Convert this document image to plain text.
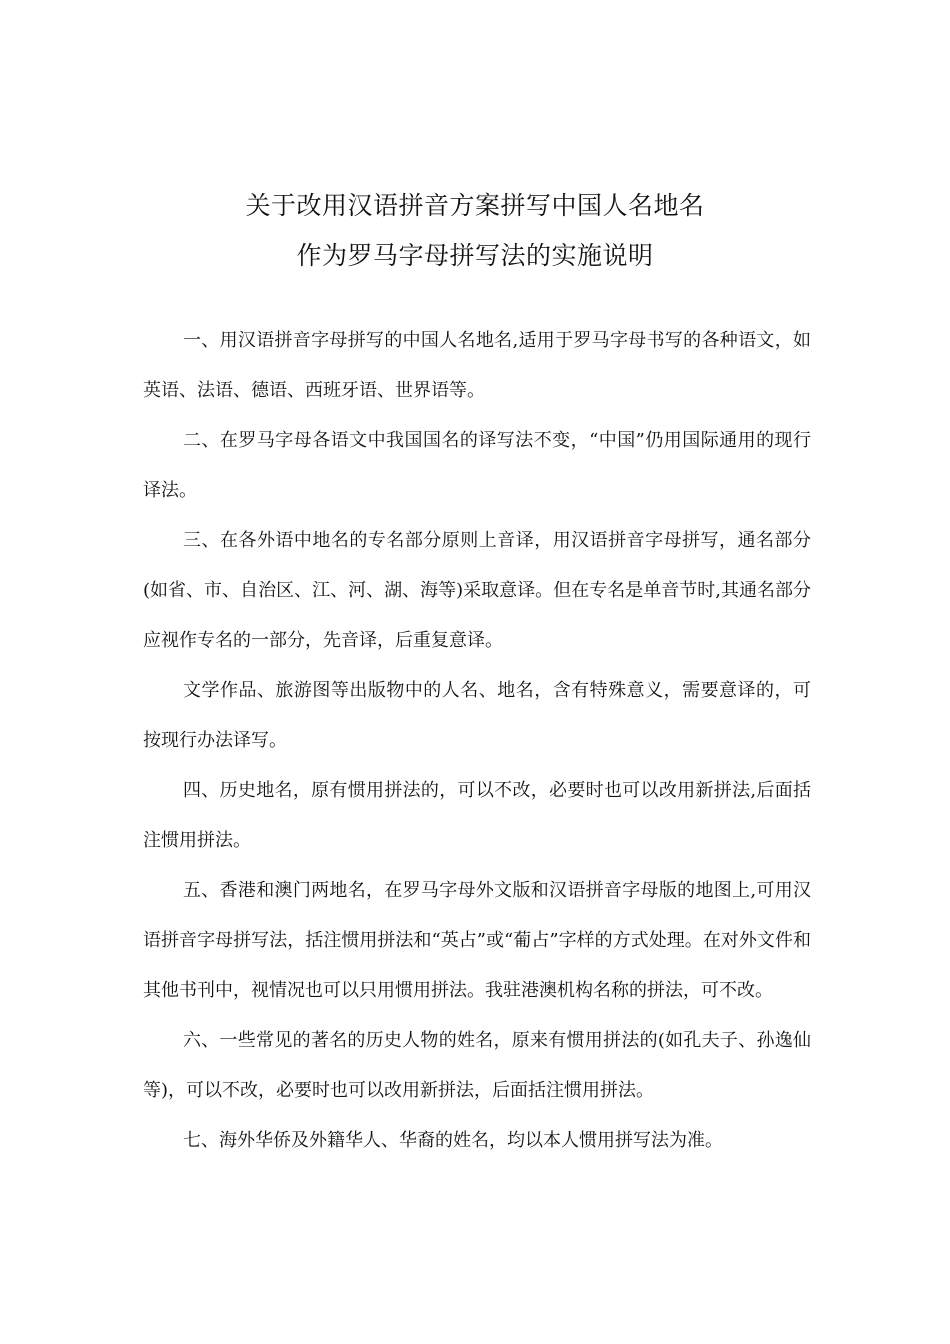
关于改用汉语拼音方案拼写中国人名地名
作为罗马字母拼写法的实施说明

一、用汉语拼音字母拼写的中国人名地名,适用于罗马字母书写的各种语文，如英语、法语、德语、西班牙语、世界语等。

二、在罗马字母各语文中我国国名的译写法不变，“中国”仍用国际通用的现行译法。

三、在各外语中地名的专名部分原则上音译，用汉语拼音字母拼写，通名部分(如省、市、自治区、江、河、湖、海等)采取意译。但在专名是单音节时,其通名部分应视作专名的一部分，先音译，后重复意译。

文学作品、旅游图等出版物中的人名、地名，含有特殊意义，需要意译的，可按现行办法译写。

四、历史地名，原有惯用拼法的，可以不改，必要时也可以改用新拼法,后面括注惯用拼法。

五、香港和澳门两地名，在罗马字母外文版和汉语拼音字母版的地图上,可用汉语拼音字母拼写法，括注惯用拼法和“英占”或“葡占”字样的方式处理。在对外文件和其他书刊中，视情况也可以只用惯用拼法。我驻港澳机构名称的拼法，可不改。

六、一些常见的著名的历史人物的姓名，原来有惯用拼法的(如孔夫子、孙逸仙等)，可以不改，必要时也可以改用新拼法，后面括注惯用拼法。

七、海外华侨及外籍华人、华裔的姓名，均以本人惯用拼写法为准。
